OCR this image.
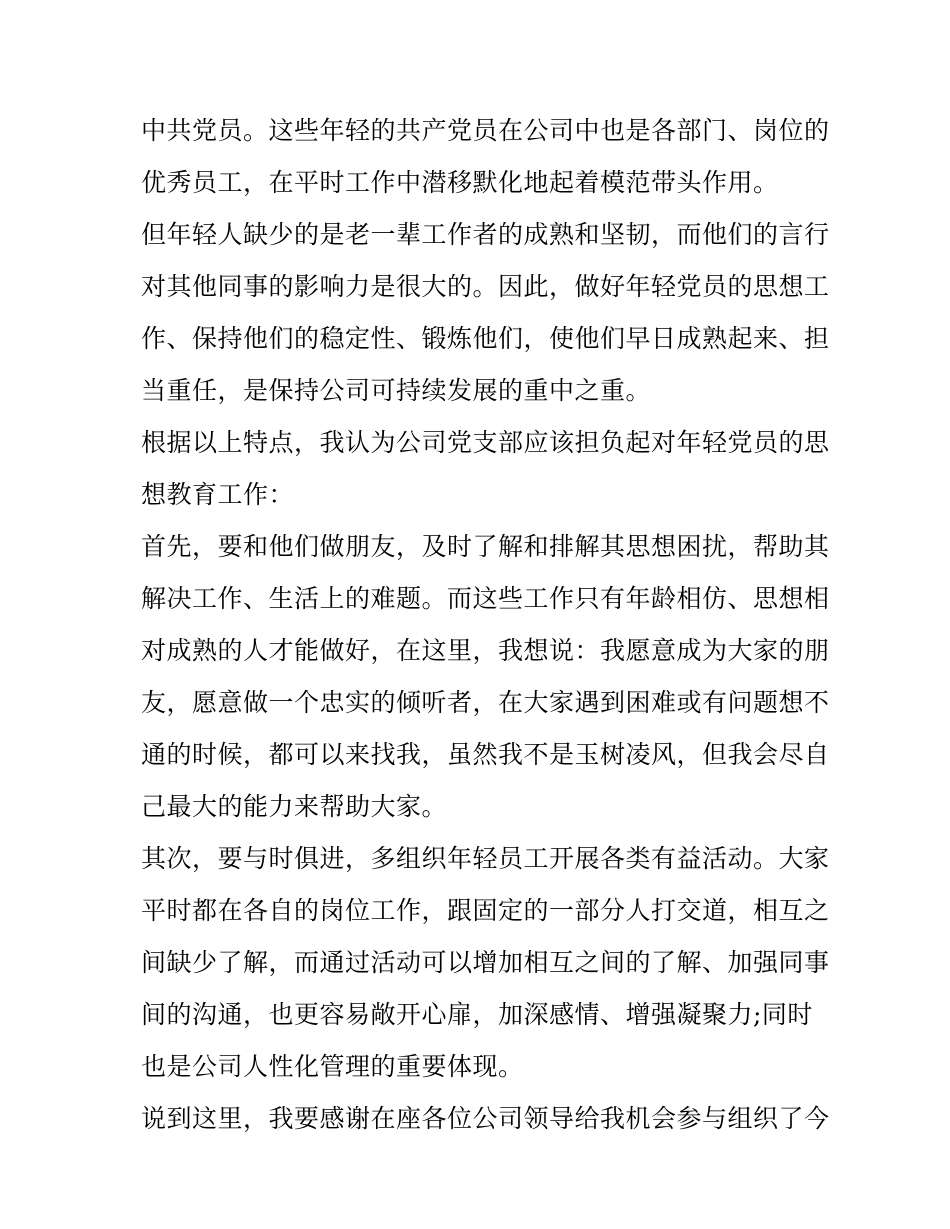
中共党员。这些年轻的共产党员在公司中也是各部门、岗位的
优秀员工，在平时工作中潜移默化地起着模范带头作用。
但年轻人缺少的是老一辈工作者的成熟和坚韧，而他们的言行
对其他同事的影响力是很大的。因此，做好年轻党员的思想工
作、保持他们的稳定性、锻炼他们，使他们早日成熟起来、担
当重任，是保持公司可持续发展的重中之重。
根据以上特点，我认为公司党支部应该担负起对年轻党员的思
想教育工作：
首先，要和他们做朋友，及时了解和排解其思想困扰，帮助其
解决工作、生活上的难题。而这些工作只有年龄相仿、思想相
对成熟的人才能做好，在这里，我想说：我愿意成为大家的朋
友，愿意做一个忠实的倾听者，在大家遇到困难或有问题想不
通的时候，都可以来找我，虽然我不是玉树凌风，但我会尽自
己最大的能力来帮助大家。
其次，要与时俱进，多组织年轻员工开展各类有益活动。大家
平时都在各自的岗位工作，跟固定的一部分人打交道，相互之
间缺少了解，而通过活动可以增加相互之间的了解、加强同事
间的沟通，也更容易敞开心扉，加深感情、增强凝聚力;同时
也是公司人性化管理的重要体现。
说到这里，我要感谢在座各位公司领导给我机会参与组织了今
